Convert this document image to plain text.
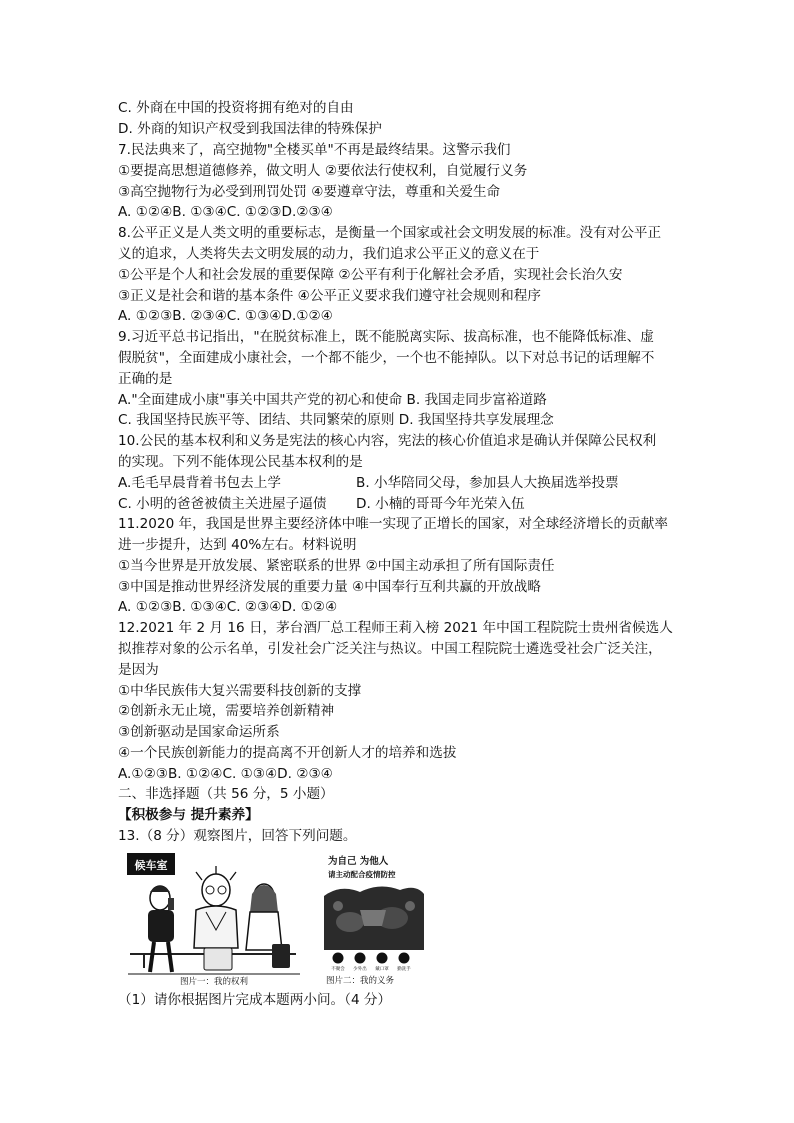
C. 外商在中国的投资将拥有绝对的自由
D. 外商的知识产权受到我国法律的特殊保护
7.民法典来了，高空抛物"全楼买单"不再是最终结果。这警示我们
①要提高思想道德修养，做文明人 ②要依法行使权利，自觉履行义务
③高空抛物行为必受到刑罚处罚 ④要遵章守法，尊重和关爱生命
A. ①②④B. ①③④C. ①②③D.②③④
8.公平正义是人类文明的重要标志，是衡量一个国家或社会文明发展的标准。没有对公平正
义的追求，人类将失去文明发展的动力，我们追求公平正义的意义在于
①公平是个人和社会发展的重要保障 ②公平有利于化解社会矛盾，实现社会长治久安
③正义是社会和谐的基本条件 ④公平正义要求我们遵守社会规则和程序
A. ①②③B. ②③④C. ①③④D.①②④
9.习近平总书记指出，"在脱贫标准上，既不能脱离实际、拔高标准，也不能降低标准、虚
假脱贫"，全面建成小康社会，一个都不能少，一个也不能掉队。以下对总书记的话理解不
正确的是
A."全面建成小康"事关中国共产党的初心和使命 B. 我国走同步富裕道路
C. 我国坚持民族平等、团结、共同繁荣的原则 D. 我国坚持共享发展理念
10.公民的基本权利和义务是宪法的核心内容，宪法的核心价值追求是确认并保障公民权利
的实现。下列不能体现公民基本权利的是
A.毛毛早晨背着书包去上学	B. 小华陪同父母，参加县人大换届选举投票
C. 小明的爸爸被债主关进屋子逼债 D. 小楠的哥哥今年光荣入伍
11.2020 年，我国是世界主要经济体中唯一实现了正增长的国家，对全球经济增长的贡献率
进一步提升，达到 40%左右。材料说明
①当今世界是开放发展、紧密联系的世界 ②中国主动承担了所有国际责任
③中国是推动世界经济发展的重要力量 ④中国奉行互利共赢的开放战略
A. ①②③B. ①③④C. ②③④D. ①②④
12.2021 年 2 月 16 日，茅台酒厂总工程师王莉入榜 2021 年中国工程院院士贵州省候选人
拟推荐对象的公示名单，引发社会广泛关注与热议。中国工程院院士遴选受社会广泛关注，
是因为
①中华民族伟大复兴需要科技创新的支撑
②创新永无止境，需要培养创新精神
③创新驱动是国家命运所系
④一个民族创新能力的提高离不开创新人才的培养和选拔
A.①②③B. ①②④C. ①③④D. ②③④
二、非选择题（共 56 分，5 小题）
【积极参与 提升素养】
13.（8 分）观察图片，回答下列问题。
候车室
图片一：我的权利
为自己 为他人
请主动配合疫情防控
不聚会 少外出 戴口罩 勤洗手
图片二：我的义务
（1）请你根据图片完成本题两小问。（4 分）
